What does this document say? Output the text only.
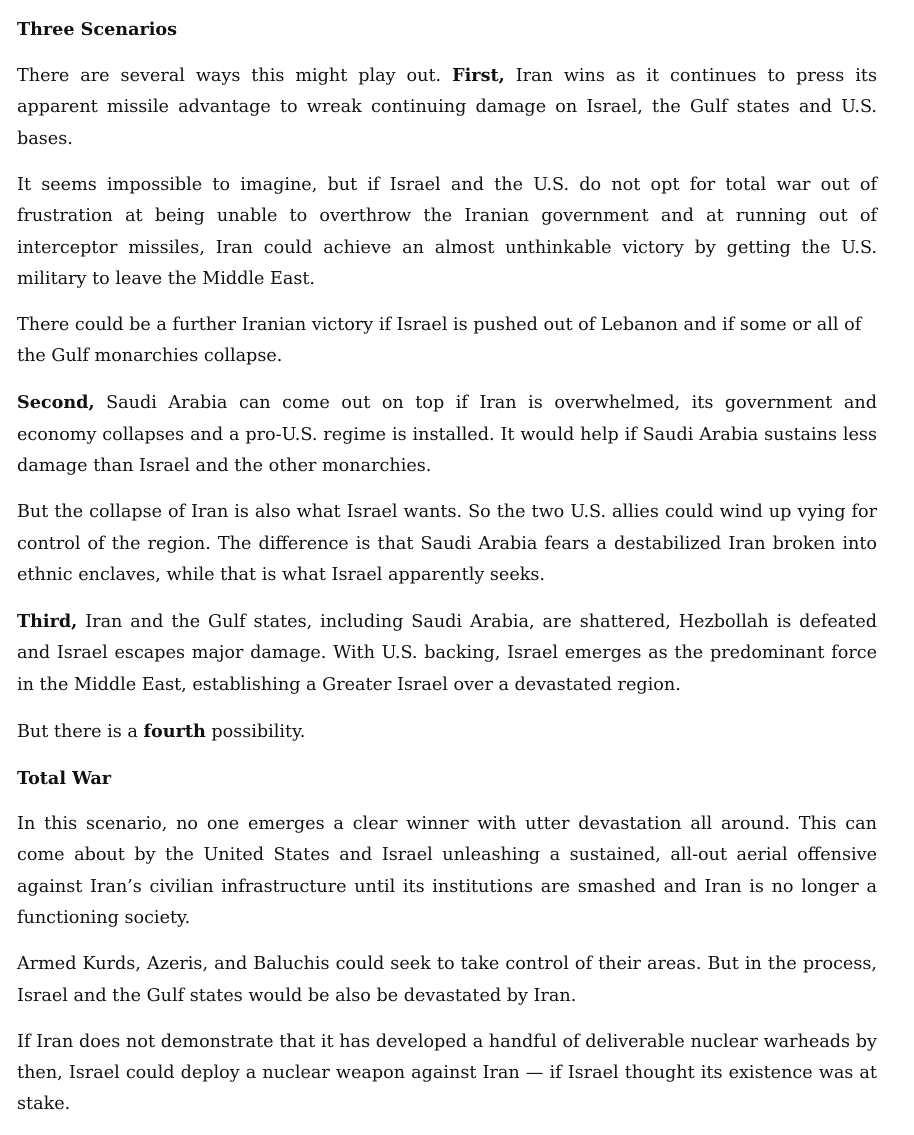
Three Scenarios

There are several ways this might play out. First, Iran wins as it continues to press its apparent missile advantage to wreak continuing damage on Israel, the Gulf states and U.S. bases.

It seems impossible to imagine, but if Israel and the U.S. do not opt for total war out of frustration at being unable to overthrow the Iranian government and at running out of interceptor missiles, Iran could achieve an almost unthinkable victory by getting the U.S. military to leave the Middle East.

There could be a further Iranian victory if Israel is pushed out of Lebanon and if some or all of the Gulf monarchies collapse.

Second, Saudi Arabia can come out on top if Iran is overwhelmed, its government and economy collapses and a pro-U.S. regime is installed. It would help if Saudi Arabia sustains less damage than Israel and the other monarchies.

But the collapse of Iran is also what Israel wants. So the two U.S. allies could wind up vying for control of the region. The difference is that Saudi Arabia fears a destabilized Iran broken into ethnic enclaves, while that is what Israel apparently seeks.

Third, Iran and the Gulf states, including Saudi Arabia, are shattered, Hezbollah is defeated and Israel escapes major damage. With U.S. backing, Israel emerges as the predominant force in the Middle East, establishing a Greater Israel over a devastated region.

But there is a fourth possibility.

Total War

In this scenario, no one emerges a clear winner with utter devastation all around. This can come about by the United States and Israel unleashing a sustained, all-out aerial offensive against Iran’s civilian infrastructure until its institutions are smashed and Iran is no longer a functioning society.

Armed Kurds, Azeris, and Baluchis could seek to take control of their areas. But in the process, Israel and the Gulf states would be also be devastated by Iran.

If Iran does not demonstrate that it has developed a handful of deliverable nuclear warheads by then, Israel could deploy a nuclear weapon against Iran — if Israel thought its existence was at stake.
